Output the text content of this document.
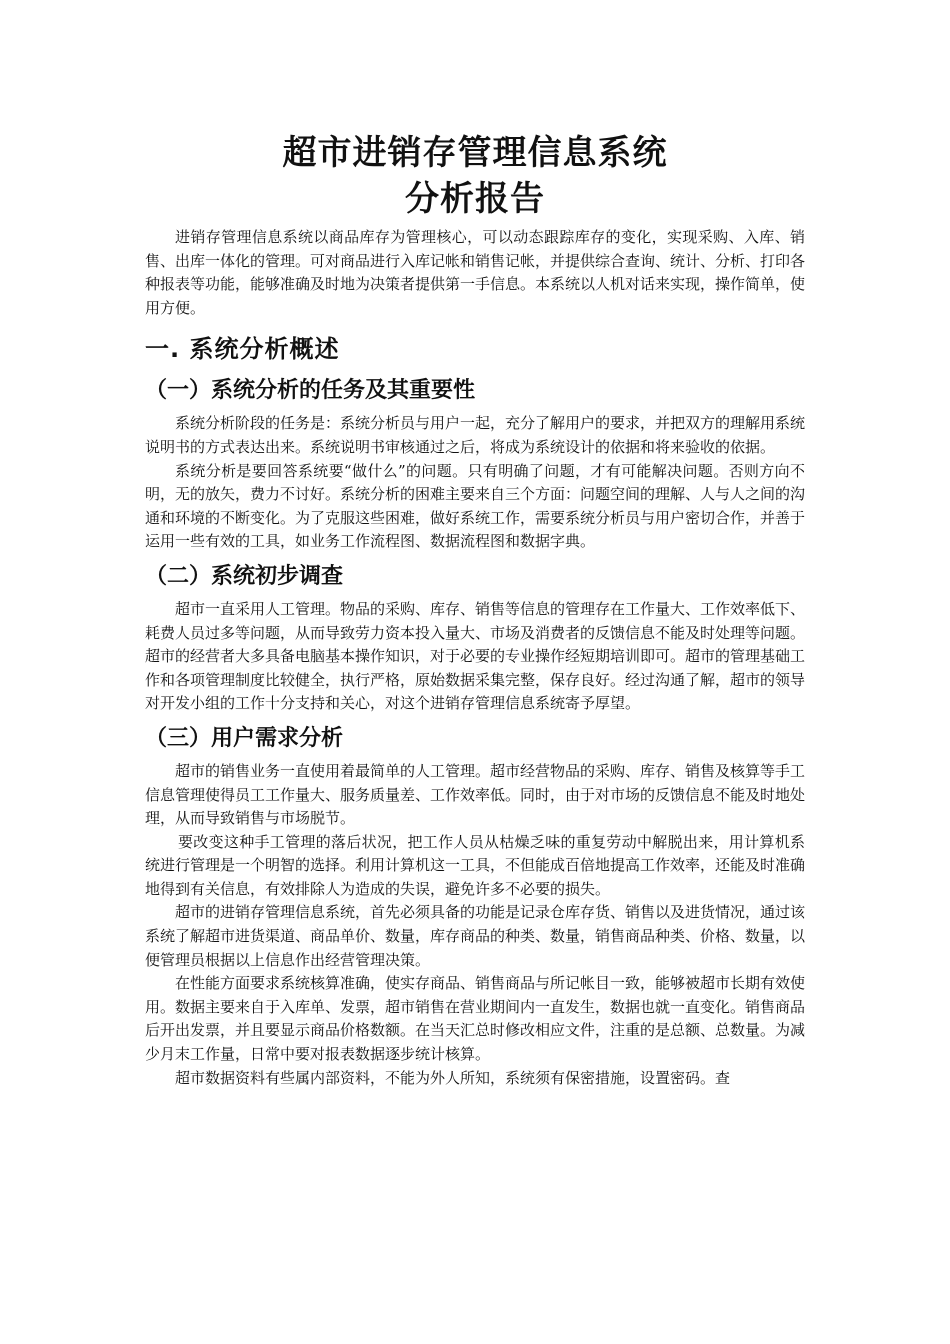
超市进销存管理信息系统
分析报告

进销存管理信息系统以商品库存为管理核心，可以动态跟踪库存的变化，实现采购、入库、销售、出库一体化的管理。可对商品进行入库记帐和销售记帐，并提供综合查询、统计、分析、打印各种报表等功能，能够准确及时地为决策者提供第一手信息。本系统以人机对话来实现，操作简单，使用方便。

一. 系统分析概述
（一）系统分析的任务及其重要性

系统分析阶段的任务是：系统分析员与用户一起，充分了解用户的要求，并把双方的理解用系统说明书的方式表达出来。系统说明书审核通过之后，将成为系统设计的依据和将来验收的依据。

系统分析是要回答系统要“做什么”的问题。只有明确了问题，才有可能解决问题。否则方向不明，无的放矢，费力不讨好。系统分析的困难主要来自三个方面：问题空间的理解、人与人之间的沟通和环境的不断变化。为了克服这些困难，做好系统工作，需要系统分析员与用户密切合作，并善于运用一些有效的工具，如业务工作流程图、数据流程图和数据字典。

（二）系统初步调查

超市一直采用人工管理。物品的采购、库存、销售等信息的管理存在工作量大、工作效率低下、耗费人员过多等问题，从而导致劳力资本投入量大、市场及消费者的反馈信息不能及时处理等问题。超市的经营者大多具备电脑基本操作知识，对于必要的专业操作经短期培训即可。超市的管理基础工作和各项管理制度比较健全，执行严格，原始数据采集完整，保存良好。经过沟通了解，超市的领导对开发小组的工作十分支持和关心，对这个进销存管理信息系统寄予厚望。

（三）用户需求分析

超市的销售业务一直使用着最简单的人工管理。超市经营物品的采购、库存、销售及核算等手工信息管理使得员工工作量大、服务质量差、工作效率低。同时，由于对市场的反馈信息不能及时地处理，从而导致销售与市场脱节。

要改变这种手工管理的落后状况，把工作人员从枯燥乏味的重复劳动中解脱出来，用计算机系统进行管理是一个明智的选择。利用计算机这一工具，不但能成百倍地提高工作效率，还能及时准确地得到有关信息，有效排除人为造成的失误，避免许多不必要的损失。

超市的进销存管理信息系统，首先必须具备的功能是记录仓库存货、销售以及进货情况，通过该系统了解超市进货渠道、商品单价、数量，库存商品的种类、数量，销售商品种类、价格、数量，以便管理员根据以上信息作出经营管理决策。

在性能方面要求系统核算准确，使实存商品、销售商品与所记帐目一致，能够被超市长期有效使用。数据主要来自于入库单、发票，超市销售在营业期间内一直发生，数据也就一直变化。销售商品后开出发票，并且要显示商品价格数额。在当天汇总时修改相应文件，注重的是总额、总数量。为减少月末工作量，日常中要对报表数据逐步统计核算。

超市数据资料有些属内部资料，不能为外人所知，系统须有保密措施，设置密码。查
